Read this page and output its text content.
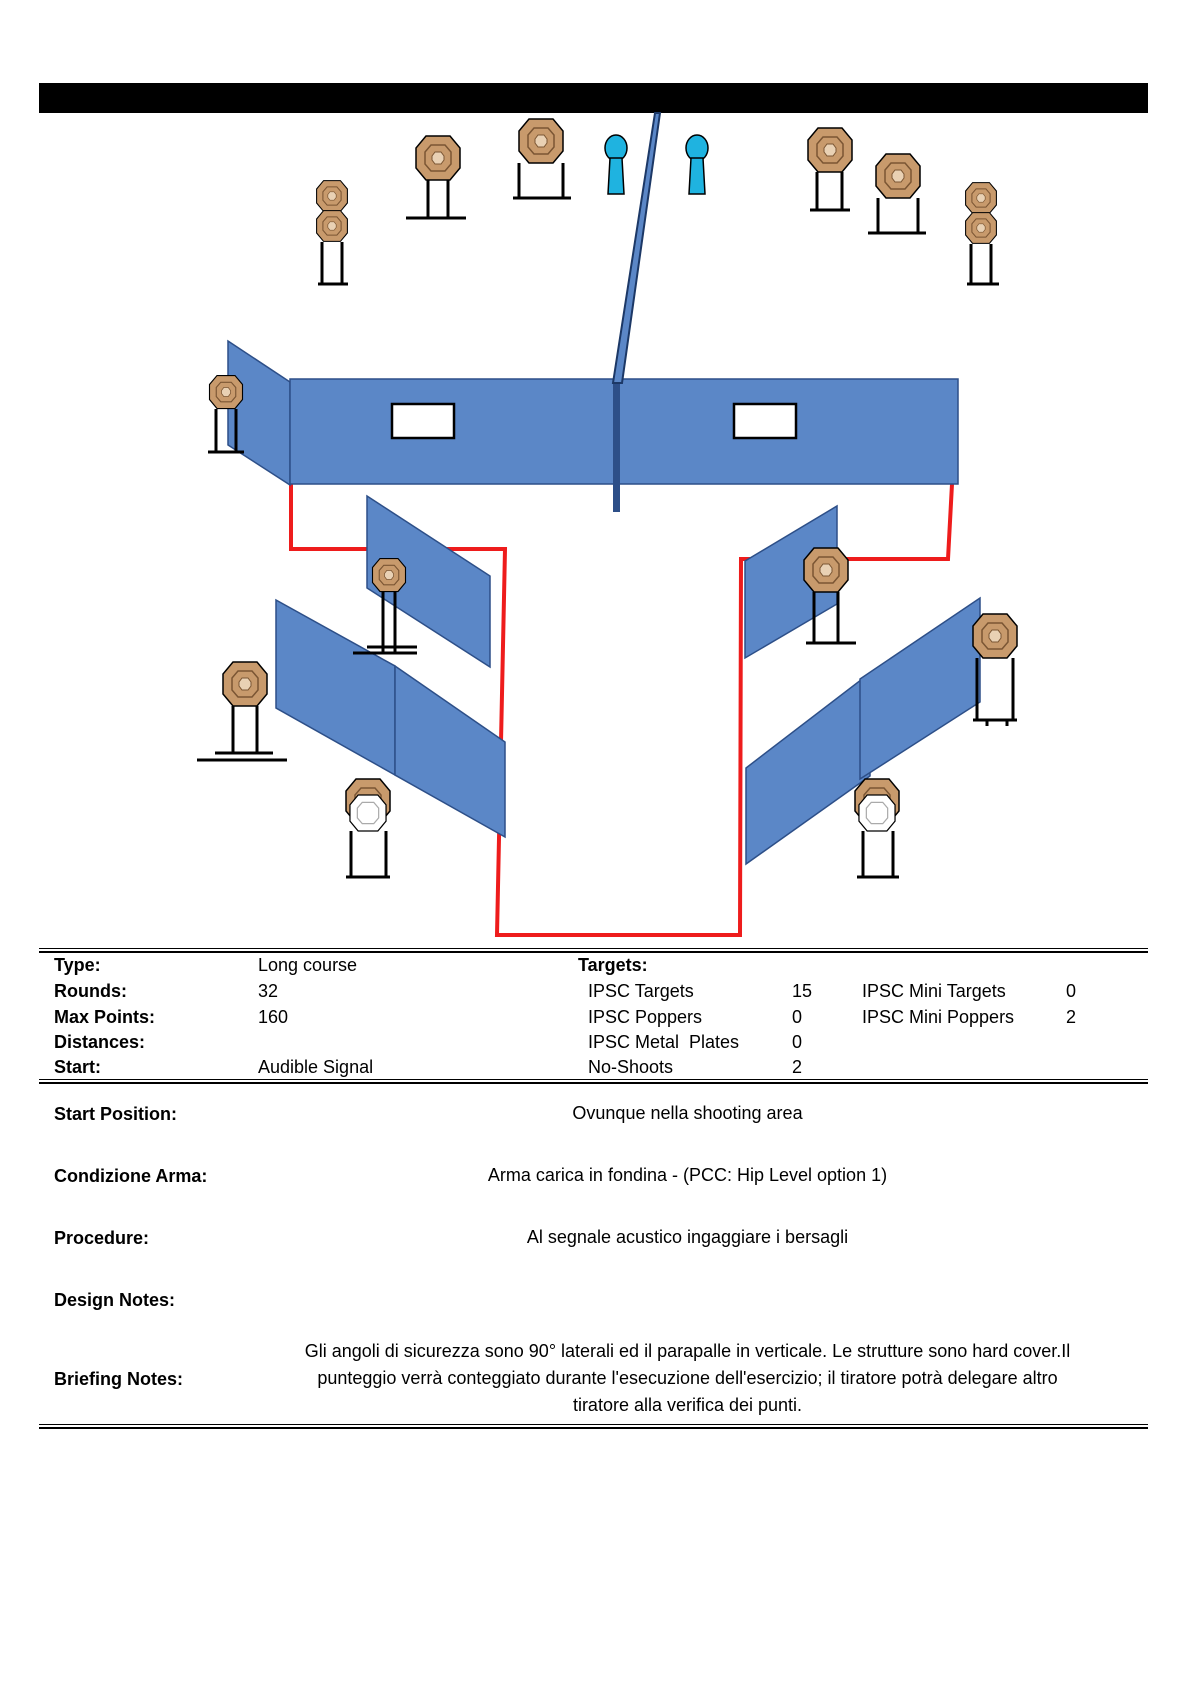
Type:	Long course
Rounds:	32
Max Points:	160
Distances:
Start:	Audible Signal
Targets:
IPSC Targets	15
IPSC Poppers	0
IPSC Metal  Plates	0
No-Shoots	2
IPSC Mini Targets	0
IPSC Mini Poppers	2
Start Position:	Ovunque nella shooting area
Condizione Arma:	Arma carica in fondina - (PCC: Hip Level option 1)
Procedure:	Al segnale acustico ingaggiare i bersagli
Design Notes:
Briefing Notes:
Gli angoli di sicurezza sono 90° laterali ed il parapalle in verticale. Le strutture sono hard cover.Il
punteggio verrà conteggiato durante l'esecuzione dell'esercizio; il tiratore potrà delegare altro
tiratore alla verifica dei punti.
